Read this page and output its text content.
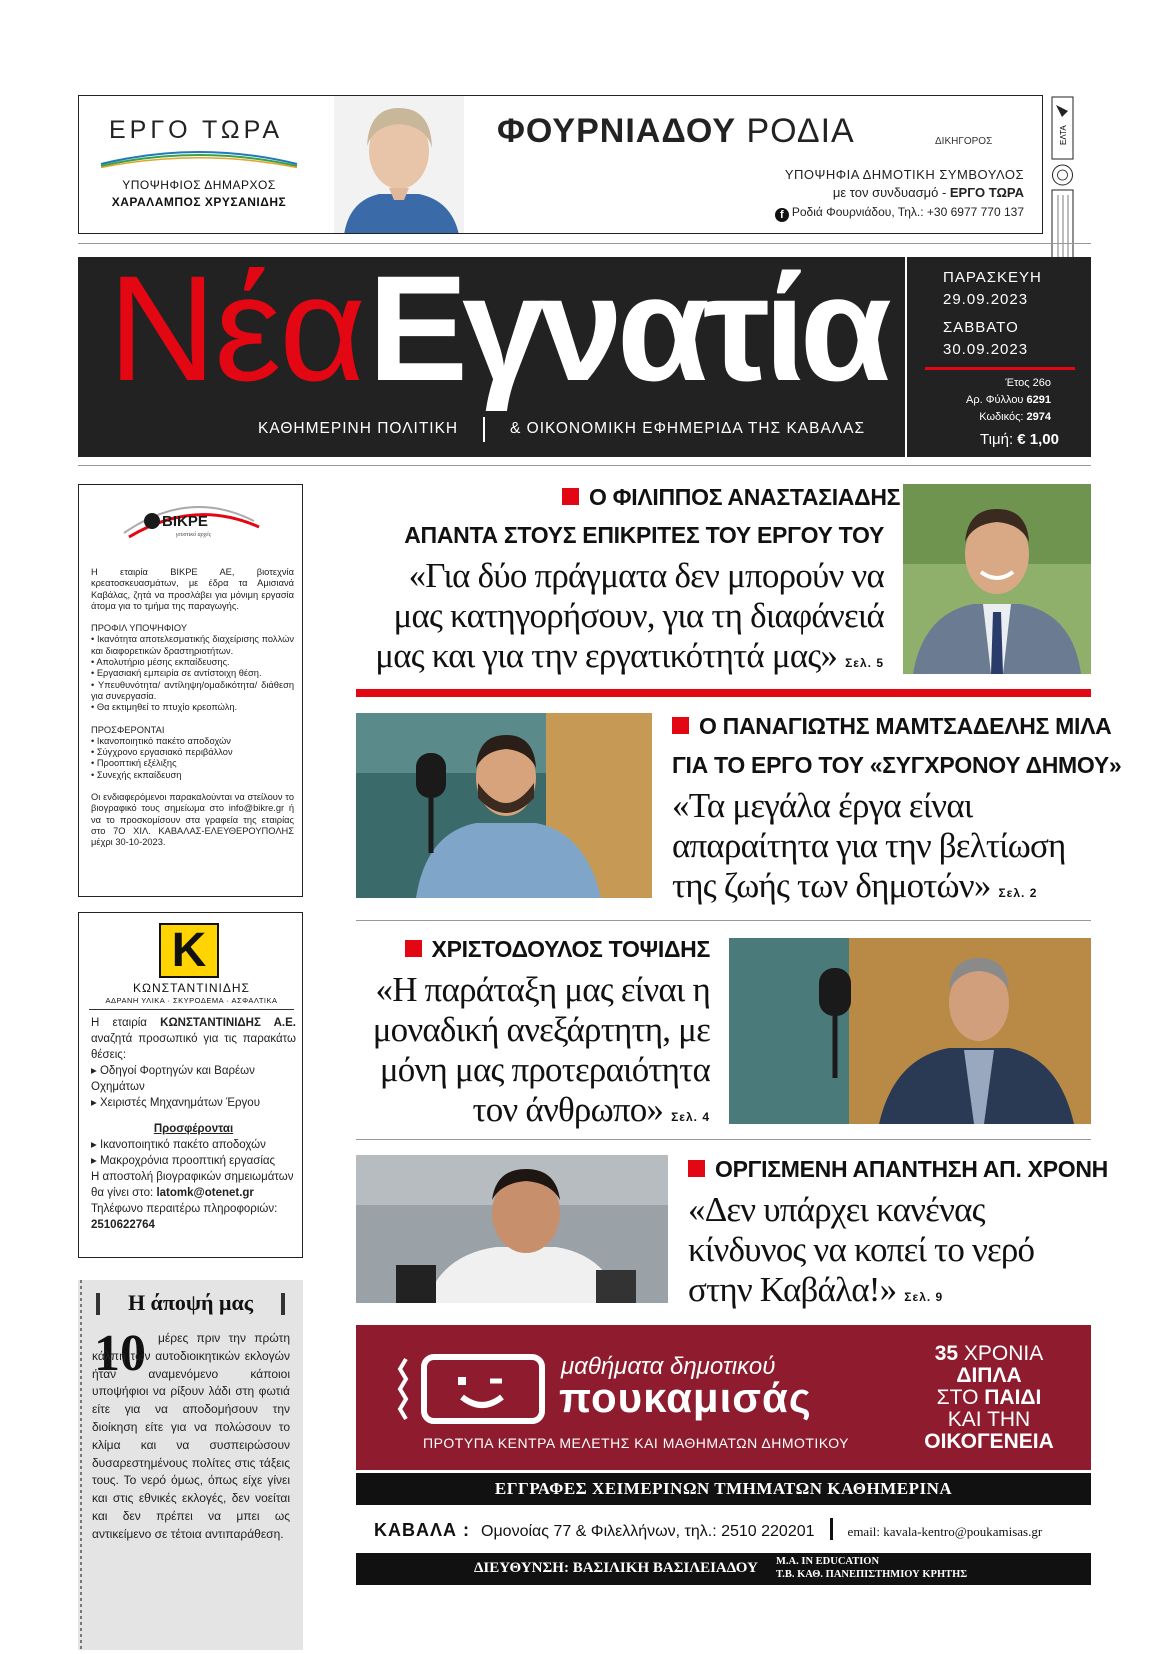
ΕΡΓΟ ΤΩΡΑ
ΥΠΟΨΗΦΙΟΣ ΔΗΜΑΡΧΟΣ
ΧΑΡΑΛΑΜΠΟΣ ΧΡΥΣΑΝΙΔΗΣ
ΦΟΥΡΝΙΑΔΟΥ ΡΟΔΙΑ	ΔΙΚΗΓΟΡΟΣ
ΥΠΟΨΗΦΙΑ ΔΗΜΟΤΙΚΗ ΣΥΜΒΟΥΛΟΣ
με τον συνδυασμό - ΕΡΓΟ ΤΩΡΑ
f Ροδιά Φουρνιάδου, Τηλ.: +30 6977 770 137
ΕΛΤΑ
Νέα Εγνατία
ΚΑΘΗΜΕΡΙΝΗ ΠΟΛΙΤΙΚΗ	& ΟΙΚΟΝΟΜΙΚΗ ΕΦΗΜΕΡΙΔΑ ΤΗΣ ΚΑΒΑΛΑΣ
ΠΑΡΑΣΚΕΥΗ
29.09.2023
ΣΑΒΒΑΤΟ
30.09.2023
Έτος 26ο
Αρ. Φύλλου 6291
Κωδικός: 2974
Τιμή: € 1,00
ΒΙΚΡΕ
γευστικό αρχές

Η εταιρία ΒΙΚΡΕ ΑΕ, βιοτεχνία κρεατοσκευασμάτων, με έδρα τα Αμισιανά Καβάλας, ζητά να προσλάβει για μόνιμη εργασία άτομα για το τμήμα της παραγωγής.

ΠΡΟΦΙΛ ΥΠΟΨΗΦΙΟΥ

• Ικανότητα αποτελεσματικής διαχείρισης πολλών και διαφορετικών δραστηριοτήτων.
• Απολυτήριο μέσης εκπαίδευσης.
• Εργασιακή εμπειρία σε αντίστοιχη θέση.
• Υπευθυνότητα/ αντίληψη/ομαδικότητα/ διάθεση για συνεργασία.
• Θα εκτιμηθεί το πτυχίο κρεοπώλη.

ΠΡΟΣΦΕΡΟΝΤΑΙ

• Ικανοποιητικό πακέτο αποδοχών
• Σύγχρονο εργασιακό περιβάλλον
• Προοπτική εξέλιξης
• Συνεχής εκπαίδευση

Οι ενδιαφερόμενοι παρακαλούνται να στείλουν το βιογραφικό τους σημείωμα στο info@bikre.gr ή να το προσκομίσουν στα γραφεία της εταιρίας στο 7Ο ΧΙΛ. ΚΑΒΑΛΑΣ-ΕΛΕΥΘΕΡΟΥΠΟΛΗΣ μέχρι 30-10-2023.

K
ΚΩΝΣΤΑΝΤΙΝΙΔΗΣ
ΑΔΡΑΝΗ ΥΛΙΚΑ · ΣΚΥΡΟΔΕΜΑ · ΑΣΦΑΛΤΙΚΑ
Η εταιρία ΚΩΝΣΤΑΝΤΙΝΙΔΗΣ Α.Ε. αναζητά προσωπικό για τις παρακάτω θέσεις:
▸ Οδηγοί Φορτηγών και Βαρέων Οχημάτων
▸ Χειριστές Μηχανημάτων Έργου
Προσφέρονται
▸ Ικανοποιητικό πακέτο αποδοχών
▸ Μακροχρόνια προοπτική εργασίας
Η αποστολή βιογραφικών σημειωμάτων θα γίνει στο: latomk@otenet.gr
Τηλέφωνο περαιτέρω πληροφοριών:
2510622764
Η άποψή μας
10	μέρες πριν την πρώτη κάλπη των αυτοδιοικητικών εκλογών ήταν αναμενόμενο κάποιοι υποψήφιοι να ρίξουν λάδι στη φωτιά είτε για να αποδομήσουν την διοίκηση είτε για να πολώσουν το κλίμα και να συσπειρώσουν δυσαρεστημένους πολίτες στις τάξεις τους. Το νερό όμως, όπως είχε γίνει και στις εθνικές εκλογές, δεν νοείται και δεν πρέπει να μπει ως αντικείμενο σε τέτοια αντιπαράθεση.
Ο ΦΙΛΙΠΠΟΣ ΑΝΑΣΤΑΣΙΑΔΗΣ
ΑΠΑΝΤΑ ΣΤΟΥΣ ΕΠΙΚΡΙΤΕΣ ΤΟΥ ΕΡΓΟΥ ΤΟΥ
«Για δύο πράγματα δεν μπορούν να
μας κατηγορήσουν, για τη διαφάνειά
μας και για την εργατικότητά μας» Σελ. 5
Ο ΠΑΝΑΓΙΩΤΗΣ ΜΑΜΤΣΑΔΕΛΗΣ ΜΙΛΑ
ΓΙΑ ΤΟ ΕΡΓΟ ΤΟΥ «ΣΥΓΧΡΟΝΟΥ ΔΗΜΟΥ»
«Τα μεγάλα έργα είναι
απαραίτητα για την βελτίωση
της ζωής των δημοτών» Σελ. 2
ΧΡΙΣΤΟΔΟΥΛΟΣ ΤΟΨΙΔΗΣ
«Η παράταξη μας είναι η
μοναδική ανεξάρτητη, με
μόνη μας προτεραιότητα
τον άνθρωπο» Σελ. 4
ΟΡΓΙΣΜΕΝΗ ΑΠΑΝΤΗΣΗ ΑΠ. ΧΡΟΝΗ
«Δεν υπάρχει κανένας
κίνδυνος να κοπεί το νερό
στην Καβάλα!» Σελ. 9
μαθήματα δημοτικού
πουκαμισάς
ΠΡΟΤΥΠΑ ΚΕΝΤΡΑ ΜΕΛΕΤΗΣ ΚΑΙ ΜΑΘΗΜΑΤΩΝ ΔΗΜΟΤΙΚΟΥ
35 ΧΡΟΝΙΑ
ΔΙΠΛΑ
ΣΤΟ ΠΑΙΔΙ
ΚΑΙ ΤΗΝ
ΟΙΚΟΓΕΝΕΙΑ
ΕΓΓΡΑΦΕΣ ΧΕΙΜΕΡΙΝΩΝ ΤΜΗΜΑΤΩΝ ΚΑΘΗΜΕΡΙΝΑ
ΚΑΒΑΛΑ : Ομονοίας 77 & Φιλελλήνων, τηλ.: 2510 220201	email: kavala-kentro@poukamisas.gr
ΔΙΕΥΘΥΝΣΗ: ΒΑΣΙΛΙΚΗ ΒΑΣΙΛΕΙΑΔΟΥ M.A. IN EDUCATION
Τ.Β. ΚΑΘ. ΠΑΝΕΠΙΣΤΗΜΙΟΥ ΚΡΗΤΗΣ
